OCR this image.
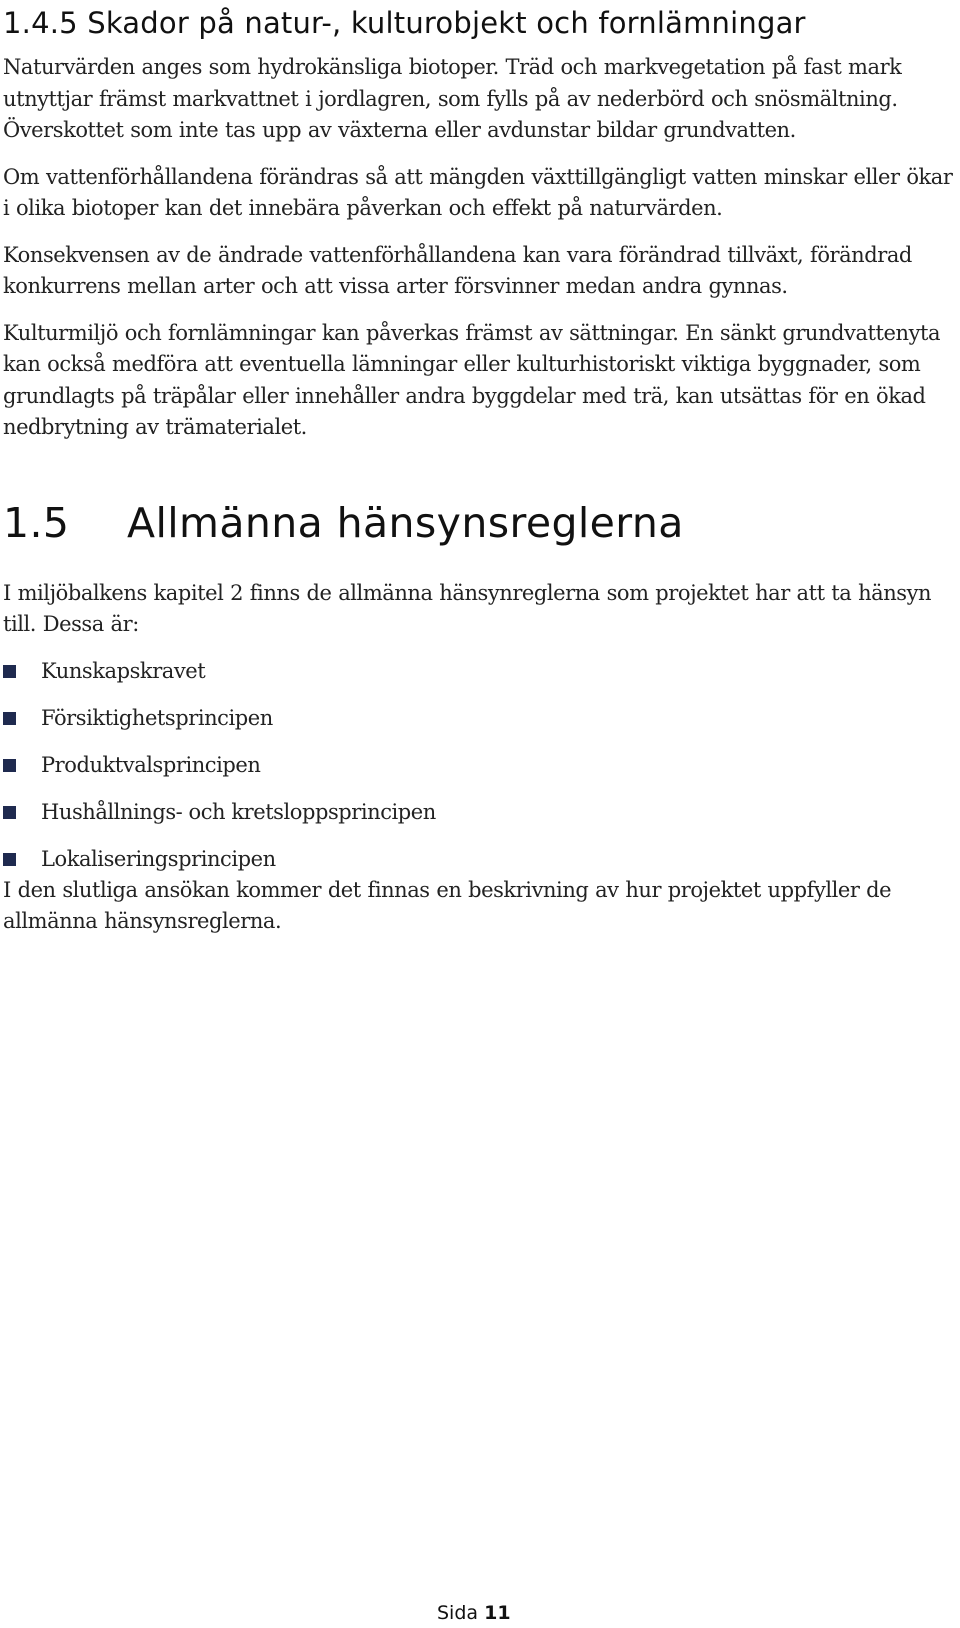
1.4.5 Skador på natur-, kulturobjekt och fornlämningar

Naturvärden anges som hydrokänsliga biotoper. Träd och markvegetation på fast mark utnyttjar främst markvattnet i jordlagren, som fylls på av nederbörd och snösmältning. Överskottet som inte tas upp av växterna eller avdunstar bildar grundvatten.

Om vattenförhållandena förändras så att mängden växttillgängligt vatten minskar eller ökar i olika biotoper kan det innebära påverkan och effekt på naturvärden.

Konsekvensen av de ändrade vattenförhållandena kan vara förändrad tillväxt, förändrad konkurrens mellan arter och att vissa arter försvinner medan andra gynnas.

Kulturmiljö och fornlämningar kan påverkas främst av sättningar. En sänkt grundvattenyta kan också medföra att eventuella lämningar eller kulturhistoriskt viktiga byggnader, som grundlagts på träpålar eller innehåller andra byggdelar med trä, kan utsättas för en ökad nedbrytning av trämaterialet.

1.5 Allmänna hänsynsreglerna

I miljöbalkens kapitel 2 finns de allmänna hänsynreglerna som projektet har att ta hänsyn till. Dessa är:

Kunskapskravet
Försiktighetsprincipen
Produktvalsprincipen
Hushållnings- och kretsloppsprincipen
Lokaliseringsprincipen

I den slutliga ansökan kommer det finnas en beskrivning av hur projektet uppfyller de allmänna hänsynsreglerna.

Sida 11
